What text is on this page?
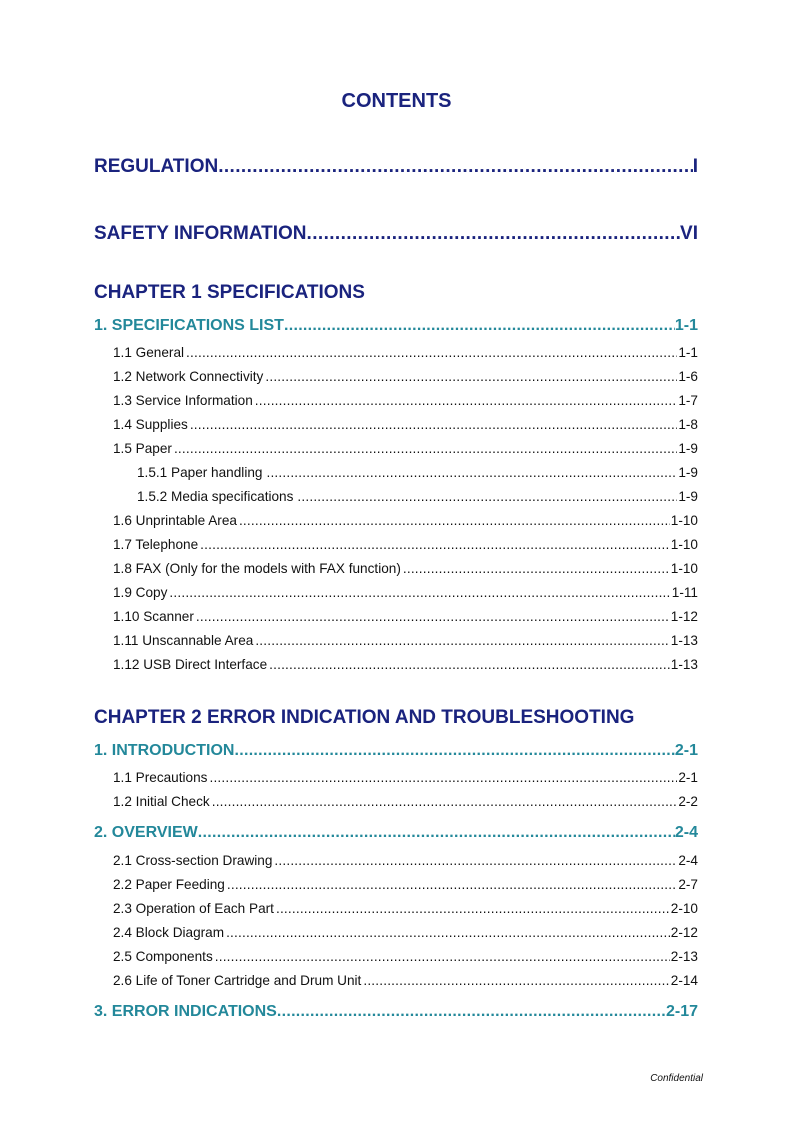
CONTENTS
REGULATION .....	I
SAFETY INFORMATION .....	VI
CHAPTER 1 SPECIFICATIONS
1. SPECIFICATIONS LIST .....	1-1
1.1 General .....	1-1
1.2 Network Connectivity .....	1-6
1.3 Service Information .....	1-7
1.4 Supplies .....	1-8
1.5 Paper .....	1-9
1.5.1 Paper handling .....	1-9
1.5.2 Media specifications .....	1-9
1.6 Unprintable Area .....	1-10
1.7 Telephone .....	1-10
1.8 FAX (Only for the models with FAX function) .....	1-10
1.9 Copy .....	1-11
1.10 Scanner .....	1-12
1.11 Unscannable Area .....	1-13
1.12 USB Direct Interface .....	1-13
CHAPTER 2 ERROR INDICATION AND TROUBLESHOOTING
1. INTRODUCTION .....	2-1
1.1 Precautions .....	2-1
1.2 Initial Check .....	2-2
2. OVERVIEW .....	2-4
2.1 Cross-section Drawing .....	2-4
2.2 Paper Feeding .....	2-7
2.3 Operation of Each Part .....	2-10
2.4 Block Diagram .....	2-12
2.5 Components .....	2-13
2.6 Life of Toner Cartridge and Drum Unit .....	2-14
3. ERROR INDICATIONS .....	2-17
Confidential
